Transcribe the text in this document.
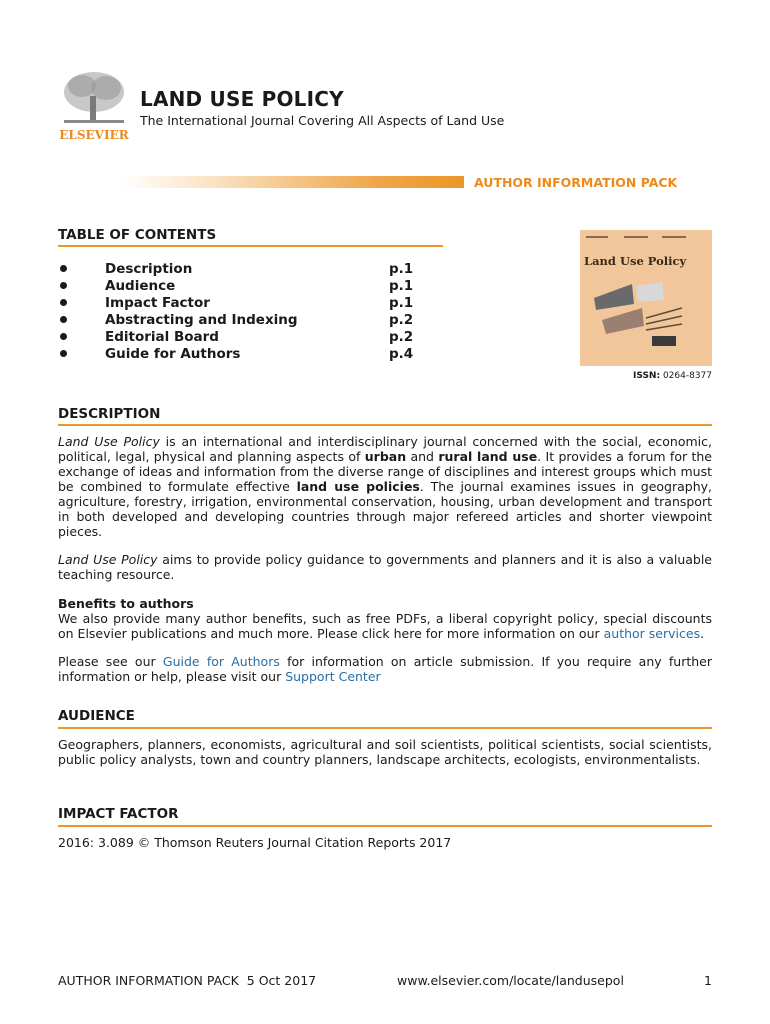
ELSEVIER
LAND USE POLICY
The International Journal Covering All Aspects of Land Use
AUTHOR INFORMATION PACK
TABLE OF CONTENTS
Description	p.1
Audience	p.1
Impact Factor	p.1
Abstracting and Indexing	p.2
Editorial Board	p.2
Guide for Authors	p.4
Land Use Policy
ISSN: 0264-8377
DESCRIPTION
Land Use Policy is an international and interdisciplinary journal concerned with the social, economic, political, legal, physical and planning aspects of urban and rural land use. It provides a forum for the exchange of ideas and information from the diverse range of disciplines and interest groups which must be combined to formulate effective land use policies. The journal examines issues in geography, agriculture, forestry, irrigation, environmental conservation, housing, urban development and transport in both developed and developing countries through major refereed articles and shorter viewpoint pieces.
Land Use Policy aims to provide policy guidance to governments and planners and it is also a valuable teaching resource.
Benefits to authors
We also provide many author benefits, such as free PDFs, a liberal copyright policy, special discounts on Elsevier publications and much more. Please click here for more information on our author services.
Please see our Guide for Authors for information on article submission. If you require any further information or help, please visit our Support Center
AUDIENCE
Geographers, planners, economists, agricultural and soil scientists, political scientists, social scientists, public policy analysts, town and country planners, landscape architects, ecologists, environmentalists.
IMPACT FACTOR
2016: 3.089 © Thomson Reuters Journal Citation Reports 2017
AUTHOR INFORMATION PACK  5 Oct 2017	www.elsevier.com/locate/landusepol	1
